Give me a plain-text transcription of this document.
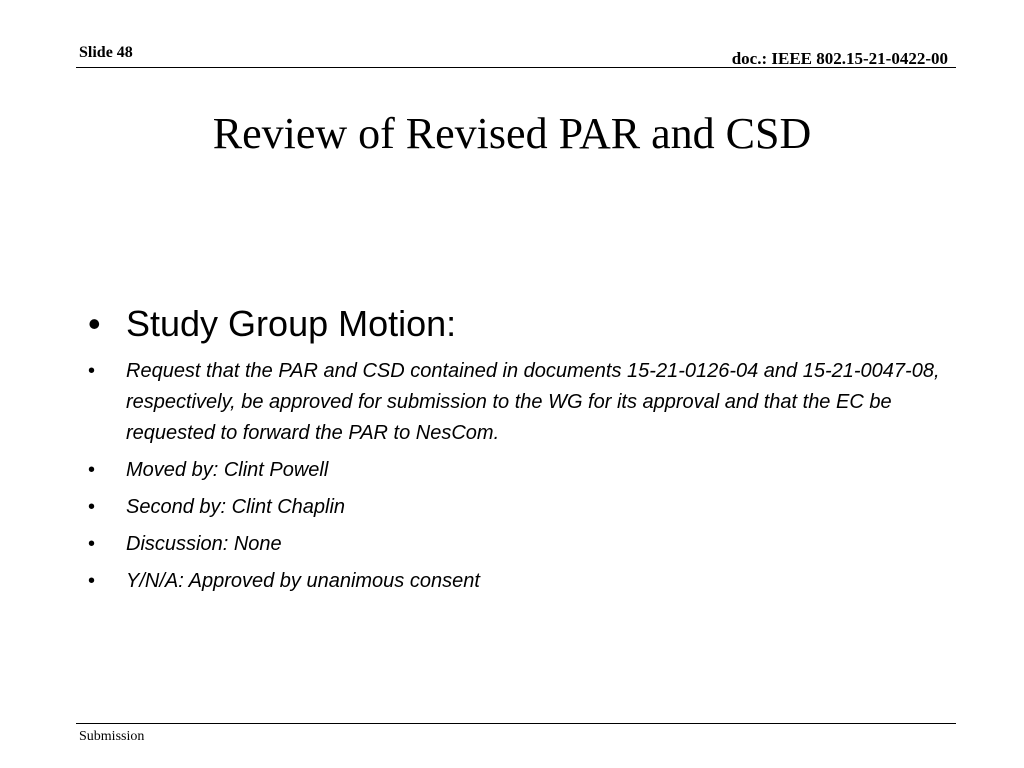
Slide 48	doc.: IEEE 802.15-21-0422-00
Review of Revised PAR and CSD
• Study Group Motion:
• Request that the PAR and CSD contained in documents 15-21-0126-04 and 15-21-0047-08, respectively, be approved for submission to the WG for its approval and that the EC be requested to forward the PAR to NesCom.
• Moved by: Clint Powell
• Second by: Clint Chaplin
• Discussion: None
• Y/N/A: Approved by unanimous consent
Submission
